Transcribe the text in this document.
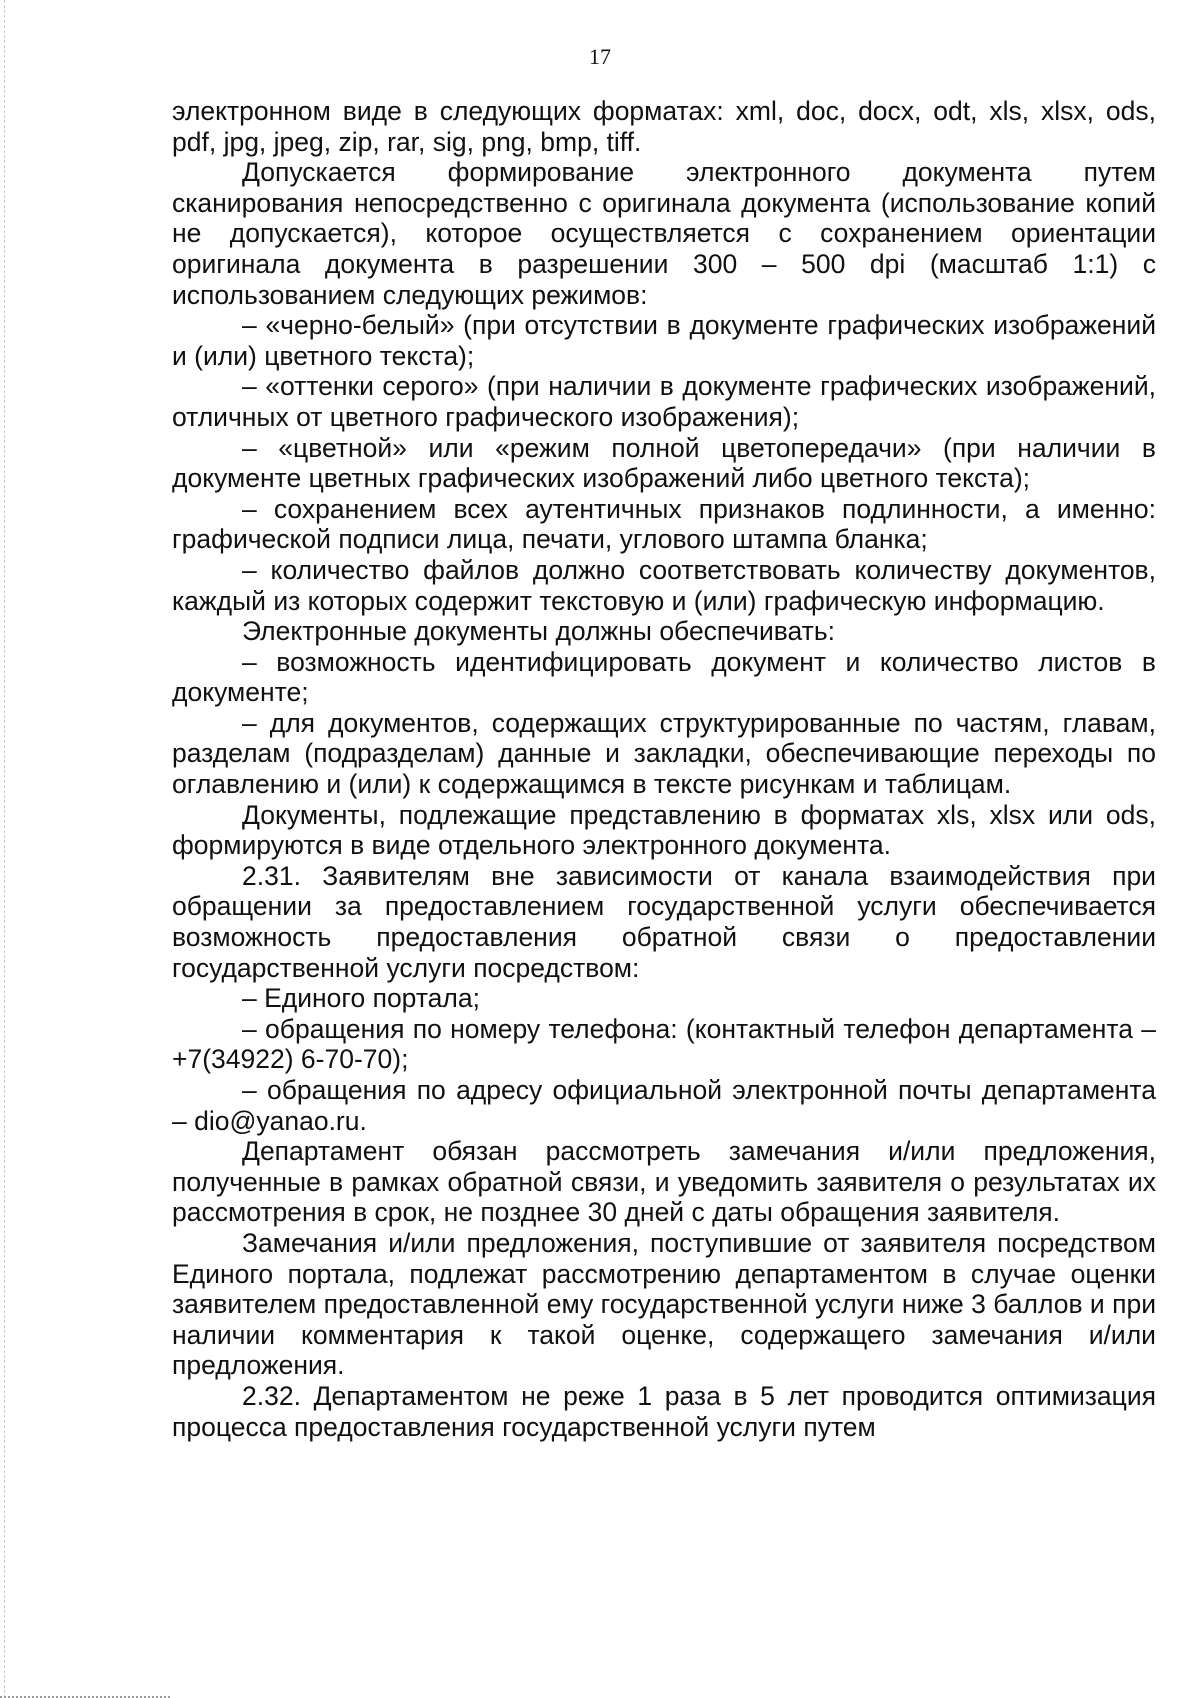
17

электронном виде в следующих форматах: xml, doc, docx, odt, xls, xlsx, ods, pdf, jpg, jpeg, zip, rar, sig, png, bmp, tiff.

Допускается формирование электронного документа путем сканирования непосредственно с оригинала документа (использование копий не допускается), которое осуществляется с сохранением ориентации оригинала документа в разрешении 300 – 500 dpi (масштаб 1:1) с использованием следующих режимов:

– «черно-белый» (при отсутствии в документе графических изображений и (или) цветного текста);

– «оттенки серого» (при наличии в документе графических изображений, отличных от цветного графического изображения);

– «цветной» или «режим полной цветопередачи» (при наличии в документе цветных графических изображений либо цветного текста);

– сохранением всех аутентичных признаков подлинности, а именно: графической подписи лица, печати, углового штампа бланка;

– количество файлов должно соответствовать количеству документов, каждый из которых содержит текстовую и (или) графическую информацию.

Электронные документы должны обеспечивать:

– возможность идентифицировать документ и количество листов в документе;

– для документов, содержащих структурированные по частям, главам, разделам (подразделам) данные и закладки, обеспечивающие переходы по оглавлению и (или) к содержащимся в тексте рисункам и таблицам.

Документы, подлежащие представлению в форматах xls, xlsx или ods, формируются в виде отдельного электронного документа.

2.31. Заявителям вне зависимости от канала взаимодействия при обращении за предоставлением государственной услуги обеспечивается возможность предоставления обратной связи о предоставлении государственной услуги посредством:

– Единого портала;

– обращения по номеру телефона: (контактный телефон департамента – +7(34922) 6-70-70);

– обращения по адресу официальной электронной почты департамента – dio@yanao.ru.

Департамент обязан рассмотреть замечания и/или предложения, полученные в рамках обратной связи, и уведомить заявителя о результатах их рассмотрения в срок, не позднее 30 дней с даты обращения заявителя.

Замечания и/или предложения, поступившие от заявителя посредством Единого портала, подлежат рассмотрению департаментом в случае оценки заявителем предоставленной ему государственной услуги ниже 3 баллов и при наличии комментария к такой оценке, содержащего замечания и/или предложения.

2.32. Департаментом не реже 1 раза в 5 лет проводится оптимизация процесса предоставления государственной услуги путем
